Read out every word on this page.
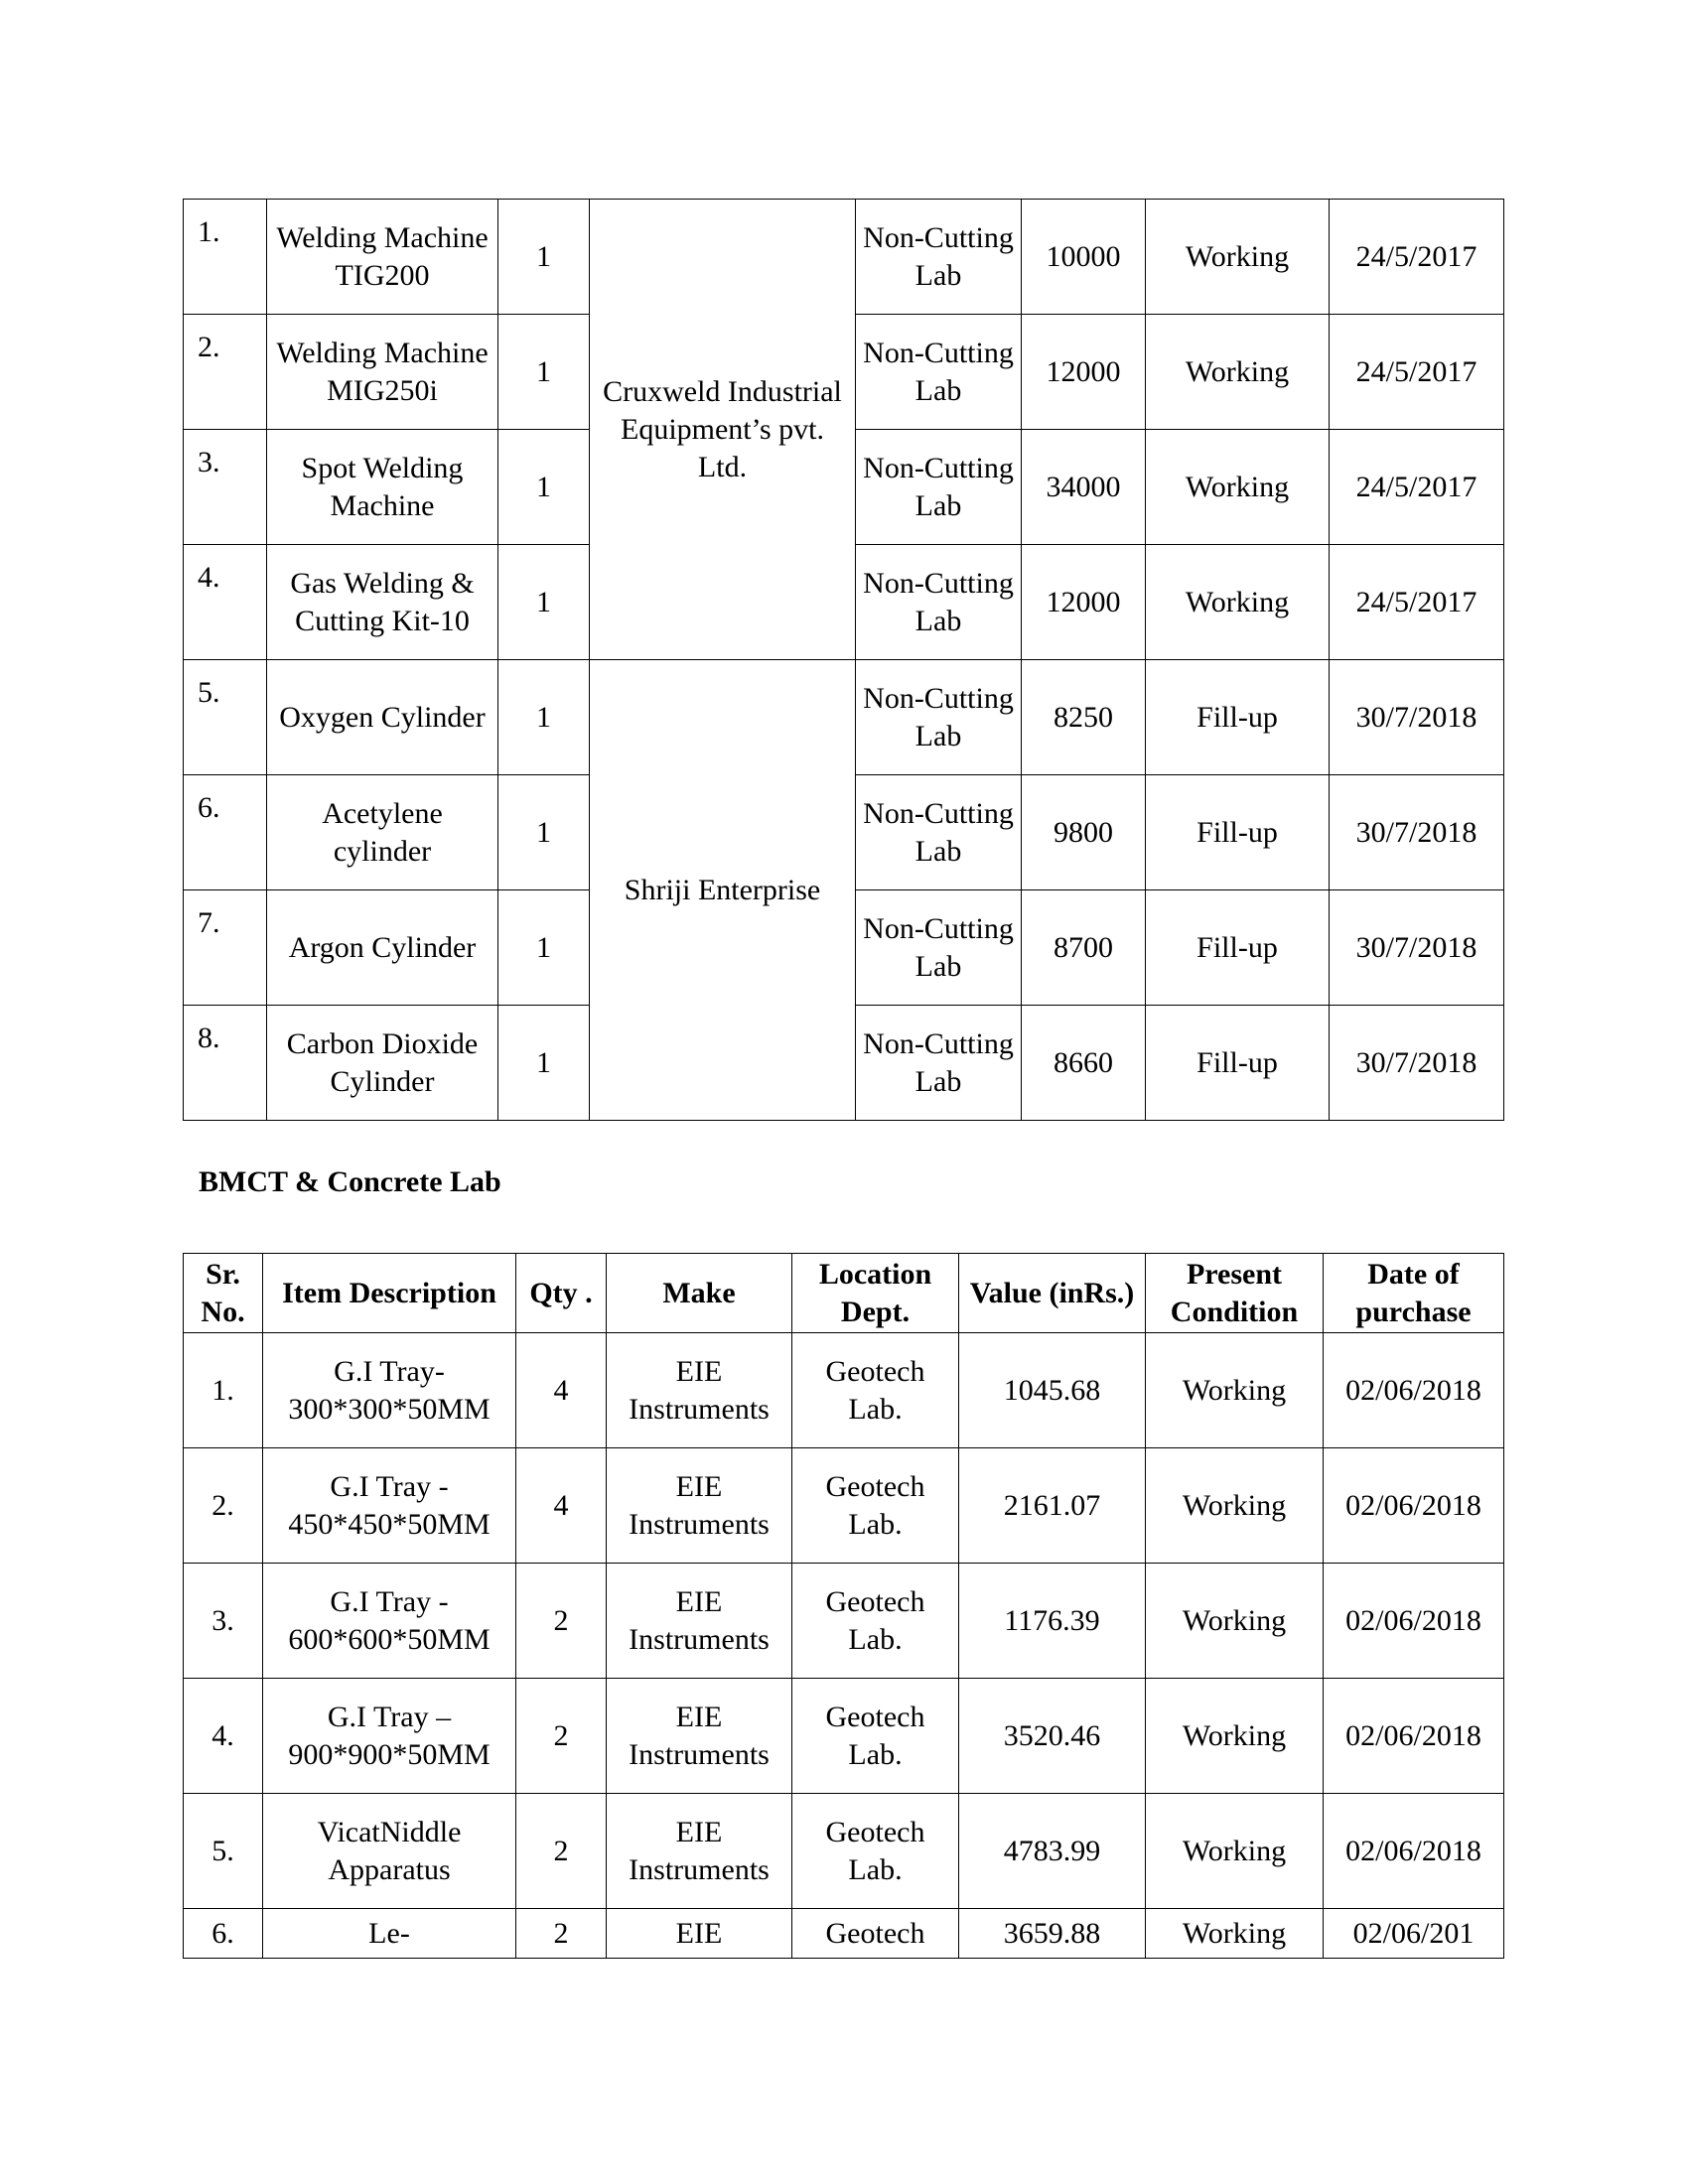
1.	Welding Machine TIG200	1	Cruxweld Industrial Equipment’s pvt. Ltd.	Non-Cutting Lab	10000	Working	24/5/2017
2.	Welding Machine MIG250i	1		Non-Cutting Lab	12000	Working	24/5/2017
3.	Spot Welding Machine	1		Non-Cutting Lab	34000	Working	24/5/2017
4.	Gas Welding & Cutting Kit-10	1		Non-Cutting Lab	12000	Working	24/5/2017
5.	Oxygen Cylinder	1	Shriji Enterprise	Non-Cutting Lab	8250	Fill-up	30/7/2018
6.	Acetylene cylinder	1		Non-Cutting Lab	9800	Fill-up	30/7/2018
7.	Argon Cylinder	1		Non-Cutting Lab	8700	Fill-up	30/7/2018
8.	Carbon Dioxide Cylinder	1		Non-Cutting Lab	8660	Fill-up	30/7/2018
BMCT & Concrete Lab
Sr. No.	Item Description	Qty .	Make	Location Dept.	Value (inRs.)	Present Condition	Date of purchase
1.	G.I Tray- 300*300*50MM	4	EIE Instruments	Geotech Lab.	1045.68	Working	02/06/2018
2.	G.I Tray - 450*450*50MM	4	EIE Instruments	Geotech Lab.	2161.07	Working	02/06/2018
3.	G.I Tray - 600*600*50MM	2	EIE Instruments	Geotech Lab.	1176.39	Working	02/06/2018
4.	G.I Tray – 900*900*50MM	2	EIE Instruments	Geotech Lab.	3520.46	Working	02/06/2018
5.	VicatNiddle Apparatus	2	EIE Instruments	Geotech Lab.	4783.99	Working	02/06/2018
6.	Le-	2	EIE	Geotech	3659.88	Working	02/06/201
